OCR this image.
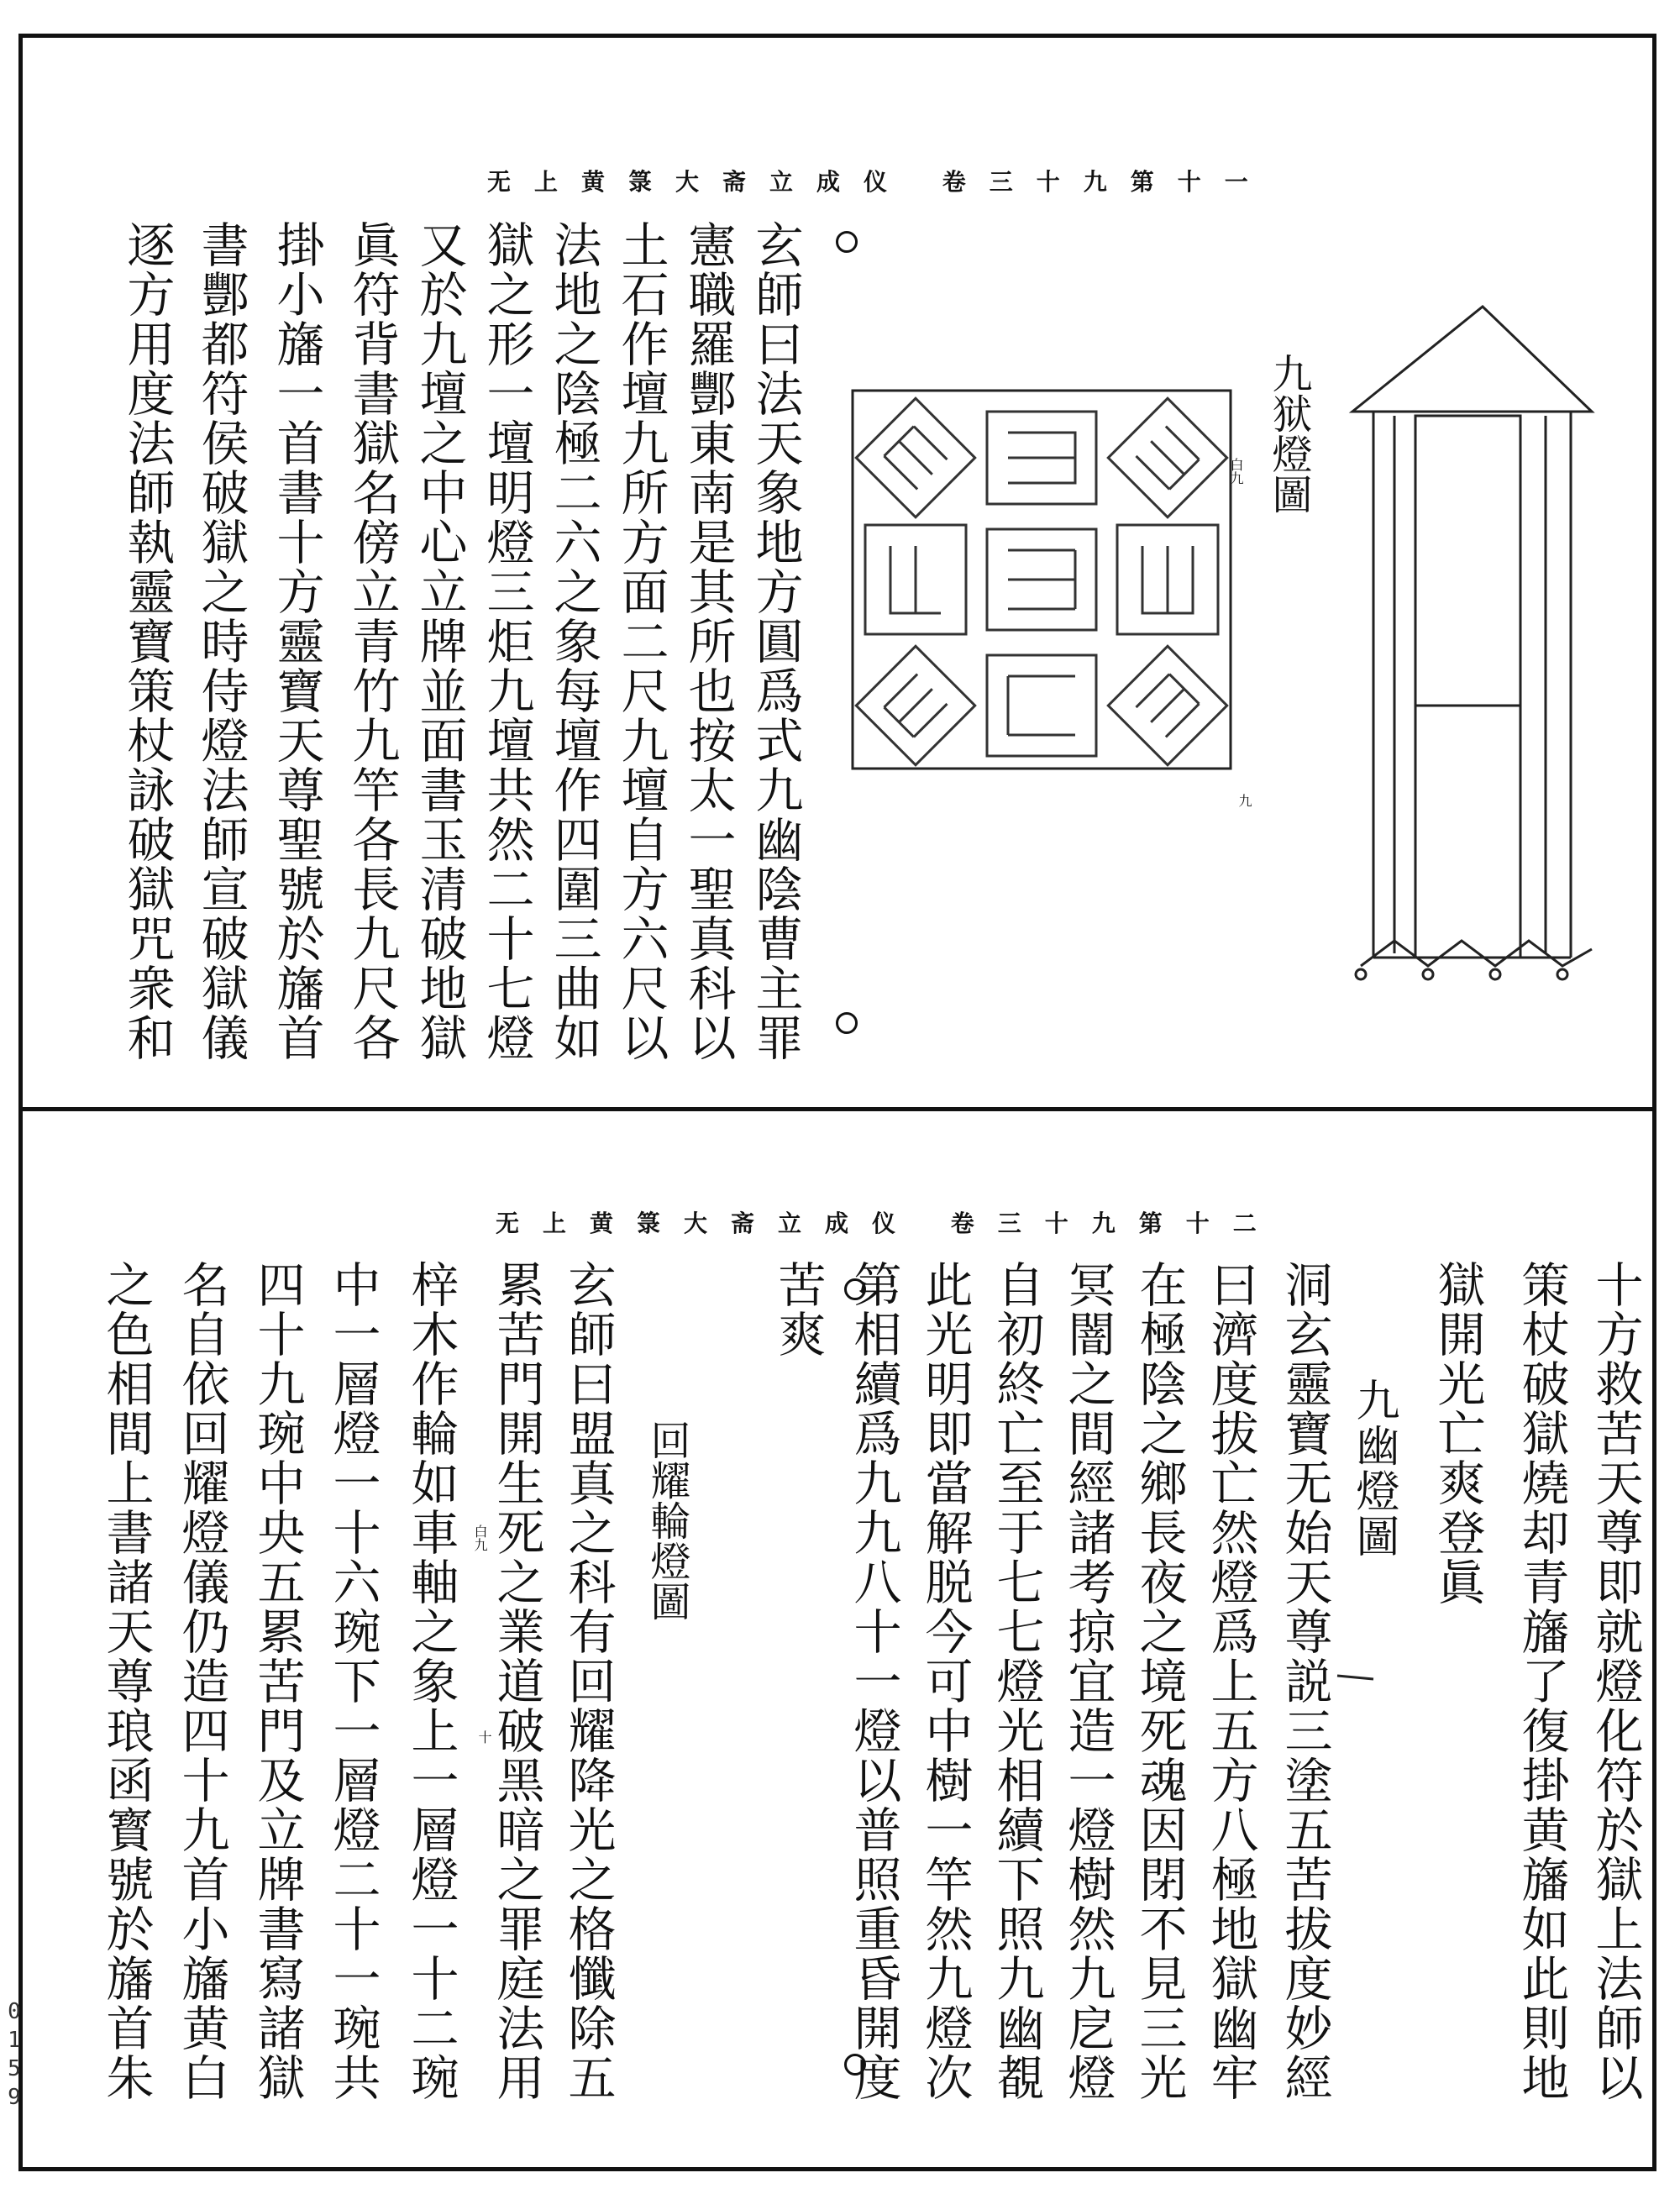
0159
无上黄箓大斋立成仪 卷三十九第十一
玄師曰法天象地方圓爲式九幽陰曹主罪
憲職羅酆東南是其所也按太一聖真科以
土石作壇九所方面二尺九壇自方六尺以
法地之陰極二六之象每壇作四圍三曲如
獄之形一壇明燈三炬九壇共然二十七燈
又於九壇之中心立牌並面書玉清破地獄
眞符背書獄名傍立青竹九竿各長九尺各
掛小旛一首書十方靈寶天尊聖號於旛首
書酆都符侯破獄之時侍燈法師宣破獄儀
逐方用度法師執靈寶策杖詠破獄咒衆和	九狱燈圖
白九
九
无上黄箓大斋立成仪 卷三十九第十二
十方救苦天尊即就燈化符於獄上法師以
策杖破獄燒却青旛了復掛黄旛如此則地
獄開光亡爽登眞
九幽燈圖
洞玄靈寶无始天尊説三塗五苦拔度妙經
曰濟度拔亡然燈爲上五方八極地獄幽牢
在極陰之鄉長夜之境死魂因閉不見三光
冥闇之間經諸考掠宜造一燈樹然九戹燈
自初終亡至于七七燈光相續下照九幽覩
此光明即當解脱今可中樹一竿然九燈次
第相續爲九九八十一燈以普照重昏開度
苦爽
回耀輪燈圖
白九
十 玄師曰盟真之科有回耀降光之格懺除五
累苦門開生死之業道破黑暗之罪庭法用
梓木作輪如車軸之象上一層燈一十二琬
中一層燈一十六琬下一層燈二十一琬共
四十九琬中央五累苦門及立牌書寫諸獄
名自依回耀燈儀仍造四十九首小旛黄白
之色相間上書諸天尊琅函寳號於旛首朱
